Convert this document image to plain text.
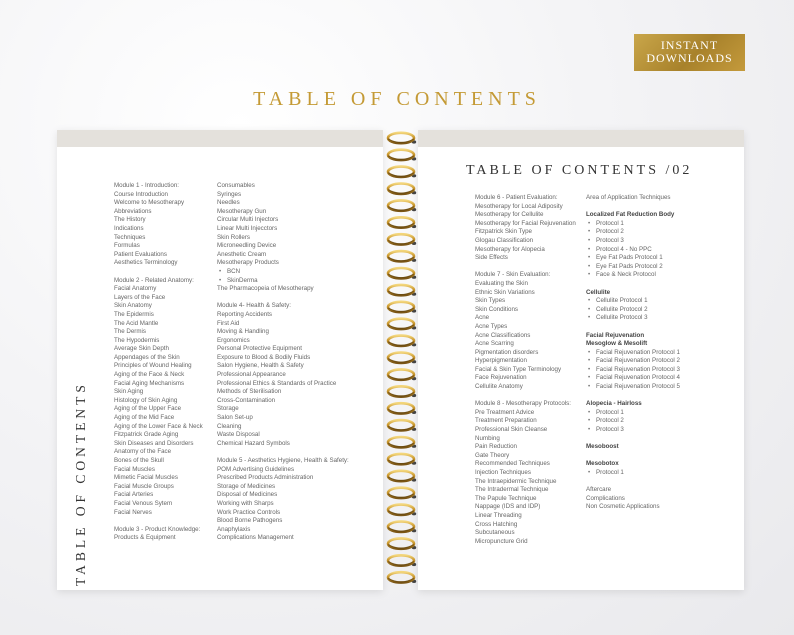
INSTANT
DOWNLOADS
TABLE OF CONTENTS
TABLE OF CONTENTS
Module 1 - Introduction:
Course Introduction
Welcome to Mesotherapy
Abbreviations
The History
Indications
Techniques
Formulas
Patient Evaluations
Aesthetics Terminology
Module 2 - Related Anatomy:
Facial Anatomy
Layers of the Face
Skin Anatomy
The Epidermis
The Acid Mantle
The Dermis
The Hypodermis
Average Skin Depth
Appendages of the Skin
Principles of Wound Healing
Aging of the Face & Neck
Facial Aging Mechanisms
Skin Aging
Histology of Skin Aging
Aging of the Upper Face
Aging of the Mid Face
Aging of the Lower Face & Neck
Fitzpatrick Grade Aging
Skin Diseases and Disorders
Anatomy of the Face
Bones of the Skull
Facial Muscles
Mimetic Facial Muscles
Facial Muscle Groups
Facial Arteries
Facial Venous Sytem
Facial Nerves
Module 3 - Product Knowledge:
Products & Equipment
Consumables
Syringes
Needles
Mesotherapy Gun
Circular Multi Injectors
Linear Multi Injecctors
Skin Rollers
Microneedling Device
Anesthetic Cream
Mesotherapy Products
• BCN
• SkinDerma
The Pharmacopeia of Mesotherapy
Module 4- Health & Safety:
Reporting Accidents
First Aid
Moving & Handling
Ergonomics
Personal Protective Equipment
Exposure to Blood & Bodily Fluids
Salon Hygiene, Health & Safety
Professional Appearance
Professional Ethics & Standards of Practice
Methods of Sterilisation
Cross-Contamination
Storage
Salon Set-up
Cleaning
Waste Disposal
Chemical Hazard Symbols
Module 5 - Aesthetics Hygiene, Health & Safety:
POM Advertising Guidelines
Prescribed Products Administration
Storage of Medicines
Disposal of Medicines
Working with Sharps
Work Practice Controls
Blood Borne Pathogens
Anaphylaxis
Complications Management
TABLE OF CONTENTS /02
Module 6 - Patient Evaluation:
Mesotherapy for Local Adiposity
Mesotherapy for Cellulite
Mesotherapy for Facial Rejuvenation
Fitzpatrick Skin Type
Glogau Classification
Mesotherapy for Alopecia
Side Effects
Module 7 - Skin Evaluation:
Evaluating the Skin
Ethnic Skin Variations
Skin Types
Skin Conditions
Acne
Acne Types
Acne Classifications
Acne Scarring
Pigmentation disorders
Hyperpigmentation
Facial & Skin Type Terminology
Face Rejuvenation
Cellulite Anatomy
Module 8 - Mesotherapy Protocols:
Pre Treatment Advice
Treatment Preparation
Professional Skin Cleanse
Numbing
Pain Reduction
Gate Theory
Recommended Techniques
Injection Techniques
The Intraepidermic Technique
The Intradermal Technique
The Papule Technique
Nappage (IDS and IDP)
Linear Threading
Cross Hatching
Subcutaneous
Micropuncture Grid
Area of Application Techniques
Localized Fat Reduction Body
• Protocol 1
• Protocol 2
• Protocol 3
• Protocol 4 - No PPC
• Eye Fat Pads Protocol 1
• Eye Fat Pads Protocol 2
• Face & Neck Protocol
Cellulite
• Cellulite Protocol 1
• Cellulite Protocol 2
• Cellulite Protocol 3
Facial Rejuvenation
Mesoglow & Mesolift
• Facial Rejuvenation Protocol 1
• Facial Rejuvenation Protocol 2
• Facial Rejuvenation Protocol 3
• Facial Rejuvenation Protocol 4
• Facial Rejuvenation Protocol 5
Alopecia - Hairloss
• Protocol 1
• Protocol 2
• Protocol 3
Mesoboost
Mesobotox
• Protocol 1
Aftercare
Complications
Non Cosmetic Applications
